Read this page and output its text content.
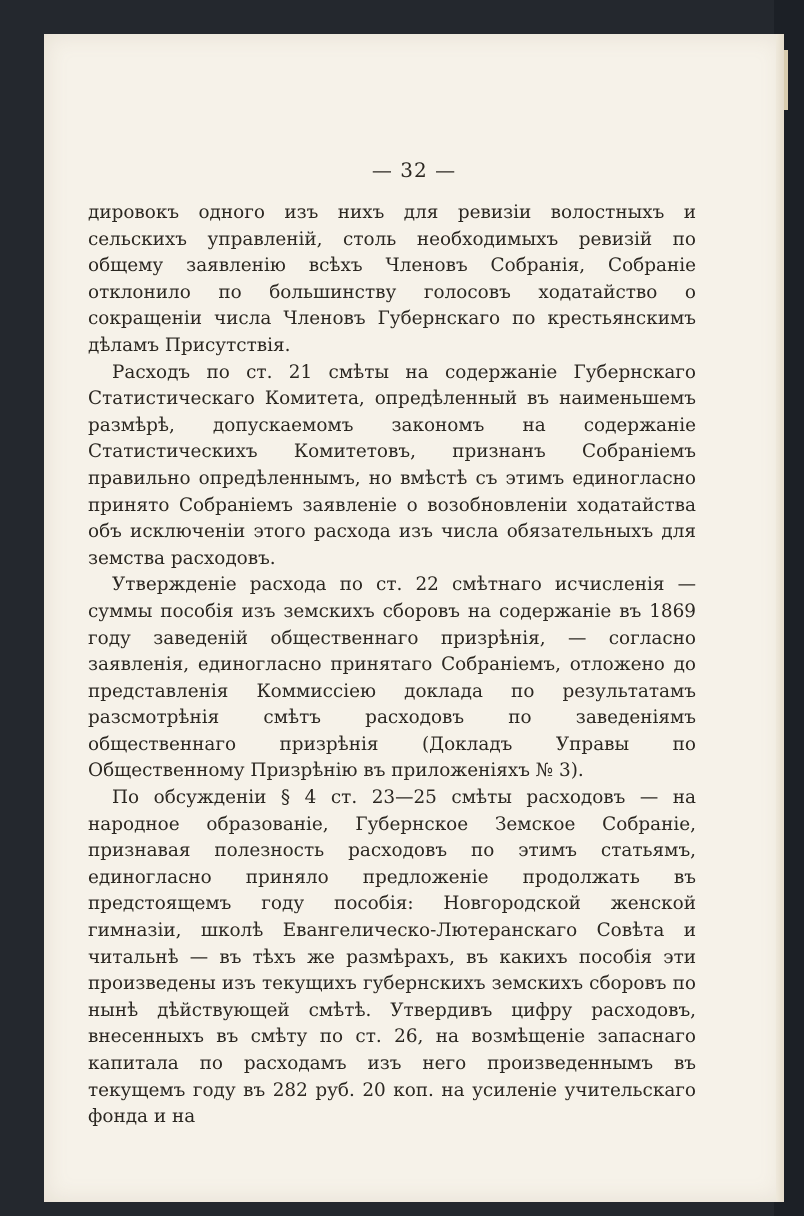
— 32 —

дировокъ одного изъ нихъ для ревизіи волостныхъ и сельскихъ управленій, столь необходимыхъ ревизій по общему заявленію всѣхъ Членовъ Собранія, Собраніе отклонило по большинству голосовъ ходатайство о сокращеніи числа Членовъ Губернскаго по крестьянскимъ дѣламъ Присутствія.

Расходъ по ст. 21 смѣты на содержаніе Губернскаго Статистическаго Комитета, опредѣленный въ наименьшемъ размѣрѣ, допускаемомъ закономъ на содержаніе Статистическихъ Комитетовъ, признанъ Собраніемъ правильно опредѣленнымъ, но вмѣстѣ съ этимъ единогласно принято Собраніемъ заявленіе о возобновленіи ходатайства объ исключеніи этого расхода изъ числа обязательныхъ для земства расходовъ.

Утвержденіе расхода по ст. 22 смѣтнаго исчисленія — суммы пособія изъ земскихъ сборовъ на содержаніе въ 1869 году заведеній общественнаго призрѣнія, — согласно заявленія, единогласно принятаго Собраніемъ, отложено до представленія Коммиссіею доклада по результатамъ разсмотрѣнія смѣтъ расходовъ по заведеніямъ общественнаго призрѣнія (Докладъ Управы по Общественному Призрѣнію въ приложеніяхъ № 3).

По обсужденіи § 4 ст. 23—25 смѣты расходовъ — на народное образованіе, Губернское Земское Собраніе, признавая полезность расходовъ по этимъ статьямъ, единогласно приняло предложеніе продолжать въ предстоящемъ году пособія: Новгородской женской гимназіи, школѣ Евангелическо-Лютеранскаго Совѣта и читальнѣ — въ тѣхъ же размѣрахъ, въ какихъ пособія эти произведены изъ текущихъ губернскихъ земскихъ сборовъ по нынѣ дѣйствующей смѣтѣ. Утвердивъ цифру расходовъ, внесенныхъ въ смѣту по ст. 26, на возмѣщеніе запаснаго капитала по расходамъ изъ него произведеннымъ въ текущемъ году въ 282 руб. 20 коп. на усиленіе учительскаго фонда и на
